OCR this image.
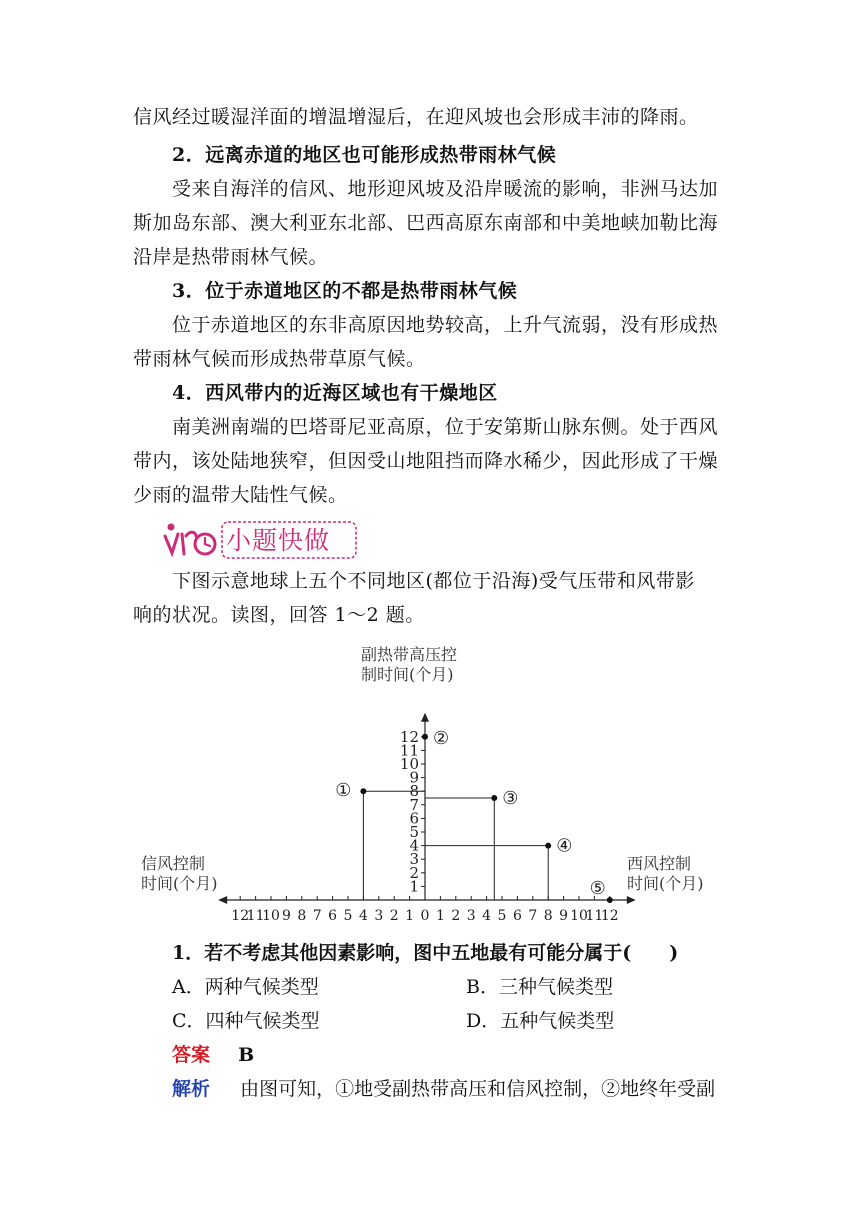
信风经过暖湿洋面的增温增湿后，在迎风坡也会形成丰沛的降雨。
2．远离赤道的地区也可能形成热带雨林气候
受来自海洋的信风、地形迎风坡及沿岸暖流的影响，非洲马达加
斯加岛东部、澳大利亚东北部、巴西高原东南部和中美地峡加勒比海
沿岸是热带雨林气候。
3．位于赤道地区的不都是热带雨林气候
位于赤道地区的东非高原因地势较高，上升气流弱，没有形成热
带雨林气候而形成热带草原气候。
4．西风带内的近海区域也有干燥地区
南美洲南端的巴塔哥尼亚高原，位于安第斯山脉东侧。处于西风
带内，该处陆地狭窄，但因受山地阻挡而降水稀少，因此形成了干燥
少雨的温带大陆性气候。
小题快做
下图示意地球上五个不同地区(都位于沿海)受气压带和风带影
响的状况。读图，回答 1～2 题。
副热带高压控
制时间(个月)
信风控制
时间(个月)
西风控制
时间(个月)
1
2
3
4
5
6
7
8
9
10
11
12
1 2 3 4 5 6 7 8 9 10
11
12
12
11
10 9 8 7 6 5 4 3 2 1 0
①
②
③
④
⑤
1．若不考虑其他因素影响，图中五地最有可能分属于(　　)
A．两种气候类型	B．三种气候类型
C．四种气候类型	D．五种气候类型
答案 B
解析 由图可知，①地受副热带高压和信风控制，②地终年受副
